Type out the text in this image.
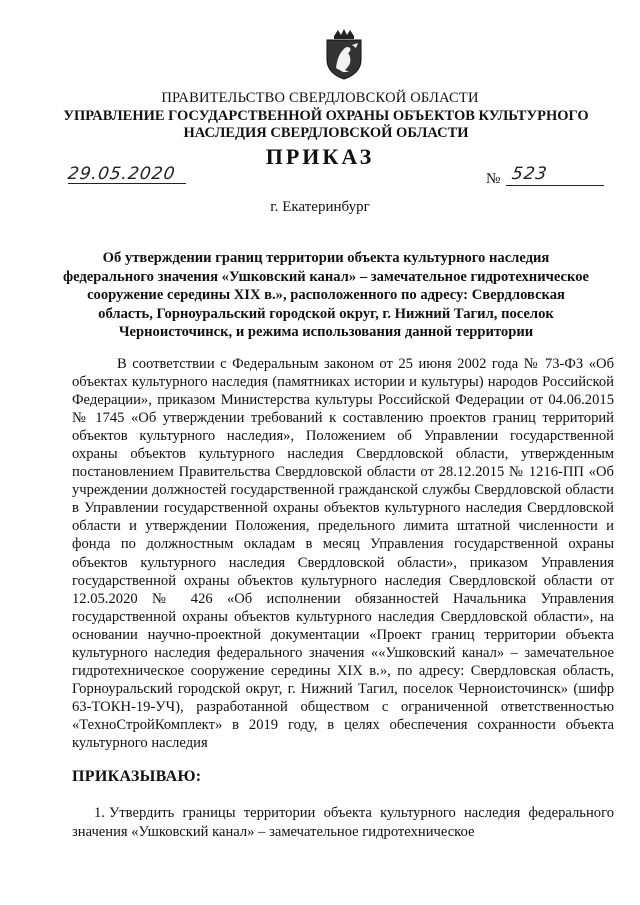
ПРАВИТЕЛЬСТВО СВЕРДЛОВСКОЙ ОБЛАСТИ
УПРАВЛЕНИЕ ГОСУДАРСТВЕННОЙ ОХРАНЫ ОБЪЕКТОВ КУЛЬТУРНОГО НАСЛЕДИЯ СВЕРДЛОВСКОЙ ОБЛАСТИ
ПРИКАЗ
29.05.2020	№ 523
г. Екатеринбург
Об утверждении границ территории объекта культурного наследия федерального значения «Ушковский канал» – замечательное гидротехническое сооружение середины XIX в.», расположенного по адресу: Свердловская область, Горноуральский городской округ, г. Нижний Тагил, поселок Черноисточинск, и режима использования данной территории
В соответствии с Федеральным законом от 25 июня 2002 года № 73-ФЗ «Об объектах культурного наследия (памятниках истории и культуры) народов Российской Федерации», приказом Министерства культуры Российской Федерации от 04.06.2015 № 1745 «Об утверждении требований к составлению проектов границ территорий объектов культурного наследия», Положением об Управлении государственной охраны объектов культурного наследия Свердловской области, утвержденным постановлением Правительства Свердловской области от 28.12.2015 № 1216-ПП «Об учреждении должностей государственной гражданской службы Свердловской области в Управлении государственной охраны объектов культурного наследия Свердловской области и утверждении Положения, предельного лимита штатной численности и фонда по должностным окладам в месяц Управления государственной охраны объектов культурного наследия Свердловской области», приказом Управления государственной охраны объектов культурного наследия Свердловской области от 12.05.2020 № 426 «Об исполнении обязанностей Начальника Управления государственной охраны объектов культурного наследия Свердловской области», на основании научно-проектной документации «Проект границ территории объекта культурного наследия федерального значения ««Ушковский канал» – замечательное гидротехническое сооружение середины XIX в.», по адресу: Свердловская область, Горноуральский городской округ, г. Нижний Тагил, поселок Черноисточинск» (шифр 63-ТОКН-19-УЧ), разработанной обществом с ограниченной ответственностью «ТехноСтройКомплект» в 2019 году, в целях обеспечения сохранности объекта культурного наследия
ПРИКАЗЫВАЮ:
1. Утвердить границы территории объекта культурного наследия федерального значения «Ушковский канал» – замечательное гидротехническое
